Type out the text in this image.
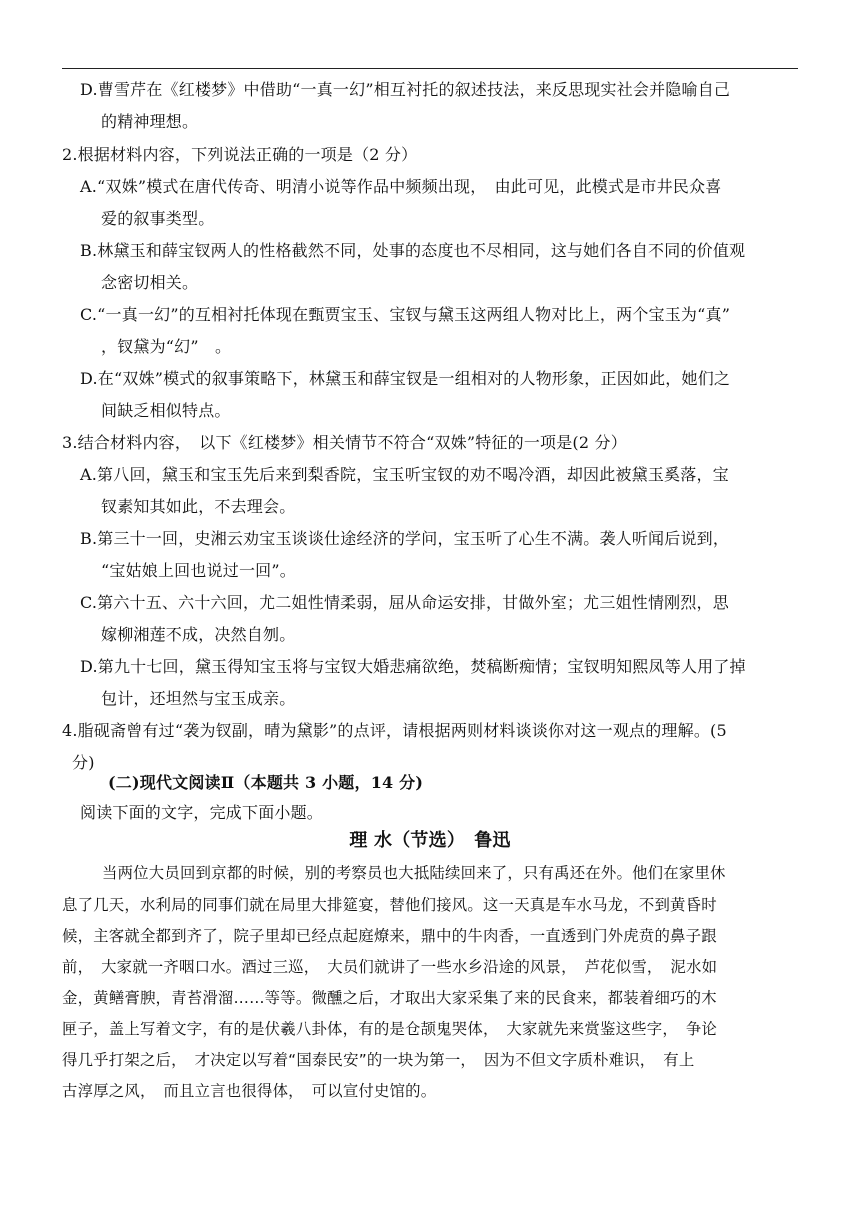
D.曹雪芹在《红楼梦》中借助“一真一幻”相互衬托的叙述技法，来反思现实社会并隐喻自己
的精神理想。
2.根据材料内容，下列说法正确的一项是（2 分）
A.“双姝”模式在唐代传奇、明清小说等作品中频频出现，　由此可见，此模式是市井民众喜
爱的叙事类型。
B.林黛玉和薛宝钗两人的性格截然不同，处事的态度也不尽相同，这与她们各自不同的价值观
念密切相关。
C.“一真一幻”的互相衬托体现在甄贾宝玉、宝钗与黛玉这两组人物对比上，两个宝玉为“真”
，钗黛为“幻”　。
D.在“双姝”模式的叙事策略下，林黛玉和薛宝钗是一组相对的人物形象，正因如此，她们之
间缺乏相似特点。
3.结合材料内容，　以下《红楼梦》相关情节不符合“双姝”特征的一项是(2 分）
A.第八回，黛玉和宝玉先后来到梨香院，宝玉听宝钗的劝不喝冷酒，却因此被黛玉奚落，宝
钗素知其如此，不去理会。
B.第三十一回，史湘云劝宝玉谈谈仕途经济的学问，宝玉听了心生不满。袭人听闻后说到，
“宝姑娘上回也说过一回”。
C.第六十五、六十六回，尤二姐性情柔弱，屈从命运安排，甘做外室；尤三姐性情刚烈，思
嫁柳湘莲不成，决然自刎。
D.第九十七回，黛玉得知宝玉将与宝钗大婚悲痛欲绝，焚稿断痴情；宝钗明知熙凤等人用了掉
包计，还坦然与宝玉成亲。
4.脂砚斋曾有过“袭为钗副，晴为黛影”的点评，请根据两则材料谈谈你对这一观点的理解。(5
分)
(二)现代文阅读Ⅱ（本题共 3 小题，14 分)
阅读下面的文字，完成下面小题。
理 水（节选）　鲁迅
当两位大员回到京都的时候，别的考察员也大抵陆续回来了，只有禹还在外。他们在家里休
息了几天，水利局的同事们就在局里大排筵宴，替他们接风。这一天真是车水马龙，不到黄昏时
候，主客就全都到齐了，院子里却已经点起庭燎来，鼎中的牛肉香，一直透到门外虎贲的鼻子跟
前，　大家就一齐咽口水。酒过三巡，　大员们就讲了一些水乡沿途的风景，　芦花似雪，　泥水如
金，黄鳝膏腴，青苔滑溜……等等。微醺之后，才取出大家采集了来的民食来，都装着细巧的木
匣子，盖上写着文字，有的是伏羲八卦体，有的是仓颉鬼哭体，　大家就先来赏鉴这些字，　争论
得几乎打架之后，　才决定以写着“国泰民安”的一块为第一，　因为不但文字质朴难识，　有上
古淳厚之风，　而且立言也很得体，　可以宣付史馆的。
